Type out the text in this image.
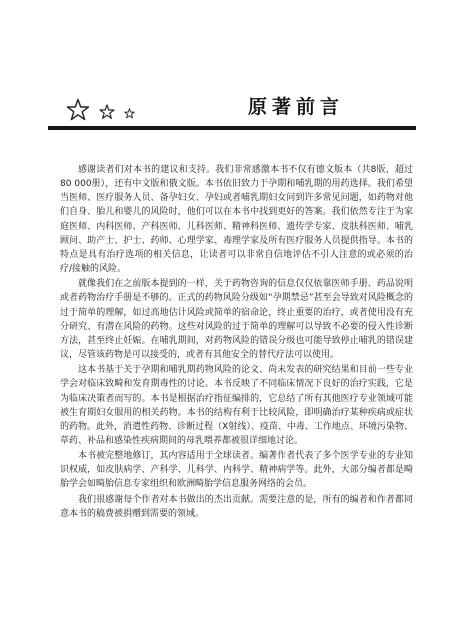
原著前言

感谢读者们对本书的建议和支持。我们非常感激本书不仅有德文版本（共8版，超过80 000册），还有中文版和俄文版。本书依旧致力于孕期和哺乳期的用药选择。我们希望当医师、医疗服务人员、备孕妇女、孕妇或者哺乳期妇女问到许多常见问题，如药物对他们自身、胎儿和婴儿的风险时，他们可以在本书中找到更好的答案。我们依然专注于为家庭医师、内科医师、产科医师、儿科医师、精神科医师、遗传学专家、皮肤科医师、哺乳顾问、助产士、护士、药师、心理学家、毒理学家及所有医疗服务人员提供指导。本书的特点是具有治疗选项的相关信息，让读者可以非常自信地评估不引人注意的或必须的治疗/接触的风险。

就像我们在之前版本提到的一样，关于药物咨询的信息仅仅依靠医师手册、药品说明或者药物治疗手册是不够的。正式的药物风险分级如“孕期禁忌”甚至会导致对风险概念的过于简单的理解，如过高地估计风险或简单的宿命论，终止重要的治疗，或者使用没有充分研究、有潜在风险的药物。这些对风险的过于简单的理解可以导致不必要的侵入性诊断方法，甚至终止妊娠。在哺乳期间，对药物风险的错误分级也可能导致停止哺乳的错误建议，尽管该药物是可以接受的，或者有其他安全的替代疗法可以使用。

这本书基于关于孕期和哺乳期药物风险的论文、尚未发表的研究结果和目前一些专业学会对临床致畸和发育期毒性的讨论。本书反映了不同临床情况下良好的治疗实践，它是为临床决策者而写的。本书是根据治疗指征编排的，它总结了所有其他医疗专业领域可能被生育期妇女服用的相关药物。本书的结构有利于比较风险，即明确治疗某种疾病或症状的药物。此外，消遣性药物、诊断过程（X射线）、疫苗、中毒、工作地点、环境污染物、草药、补品和感染性疾病期间的母乳喂养都被很详细地讨论。

本书被完整地修订，其内容适用于全球读者。编著作者代表了多个医学专业的专业知识权威，如皮肤病学、产科学、儿科学、内科学、精神病学等。此外，大部分编者都是畸胎学会如畸胎信息专家组织和欧洲畸胎学信息服务网络的会员。

我们很感谢每个作者对本书做出的杰出贡献。需要注意的是，所有的编者和作者都同意本书的稿费被捐赠到需要的领域。
